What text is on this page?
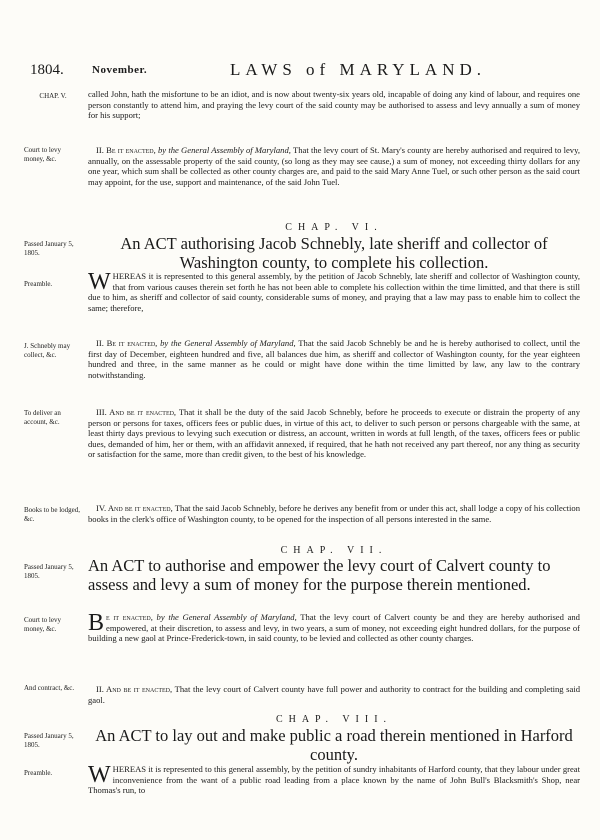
1804.	November.	LAWS of MARYLAND.
CHAP. V.	called John, hath the misfortune to be an idiot, and is now about twenty-six years old, incapable of doing any kind of labour, and requires one person constantly to attend him, and praying the levy court of the said county may be authorised to assess and levy annually a sum of money for his support;
Court to levy money, &c.
II. Be it enacted, by the General Assembly of Maryland, That the levy court of St. Mary's county are hereby authorised and required to levy, annually, on the assessable property of the said county, (so long as they may see cause,) a sum of money, not exceeding thirty dollars for any one year, which sum shall be collected as other county charges are, and paid to the said Mary Anne Tuel, or such other person as the said court may appoint, for the use, support and maintenance, of the said John Tuel.
CHAP. VI.
Passed January 5, 1805.	An ACT authorising Jacob Schnebly, late sheriff and collector of Washington county, to complete his collection.
Preamble.	WHEREAS it is represented to this general assembly, by the petition of Jacob Schnebly, late sheriff and collector of Washington county, that from various causes therein set forth he has not been able to complete his collection within the time limitted, and that there is still due to him, as sheriff and collector of said county, considerable sums of money, and praying that a law may pass to enable him to collect the same; therefore,
J. Schnebly may collect, &c.
II. Be it enacted, by the General Assembly of Maryland, That the said Jacob Schnebly be and he is hereby authorised to collect, until the first day of December, eighteen hundred and five, all balances due him, as sheriff and collector of Washington county, for the year eighteen hundred and three, in the same manner as he could or might have done within the time limitted by law, any law to the contrary notwithstanding.
To deliver an account, &c.
III. And be it enacted, That it shall be the duty of the said Jacob Schnebly, before he proceeds to execute or distrain the property of any person or persons for taxes, officers fees or public dues, in virtue of this act, to deliver to such person or persons chargeable with the same, at least thirty days previous to levying such execution or distress, an account, written in words at full length, of the taxes, officers fees or public dues, demanded of him, her or them, with an affidavit annexed, if required, that he hath not received any part thereof, nor any thing as security or satisfaction for the same, more than credit given, to the best of his knowledge.
Books to be lodged, &c.
IV. And be it enacted, That the said Jacob Schnebly, before he derives any benefit from or under this act, shall lodge a copy of his collection books in the clerk's office of Washington county, to be opened for the inspection of all persons interested in the same.
CHAP. VII.
Passed January 5, 1805.
An ACT to authorise and empower the levy court of Calvert county to assess and levy a sum of money for the purpose therein mentioned.
Court to levy money, &c.	Be it enacted, by the General Assembly of Maryland, That the levy court of Calvert county be and they are hereby authorised and empowered, at their discretion, to assess and levy, in two years, a sum of money, not exceeding eight hundred dollars, for the purpose of building a new gaol at Prince-Frederick-town, in said county, to be levied and collected as other county charges.
And contract, &c.	II. And be it enacted, That the levy court of Calvert county have full power and authority to contract for the building and completing said gaol.
CHAP. VIII.
Passed January 5, 1805.	An ACT to lay out and make public a road therein mentioned in Harford county.
Preamble.	WHEREAS it is represented to this general assembly, by the petition of sundry inhabitants of Harford county, that they labour under great inconvenience from the want of a public road leading from a place known by the name of John Bull's Blacksmith's Shop, near Thomas's run, to
